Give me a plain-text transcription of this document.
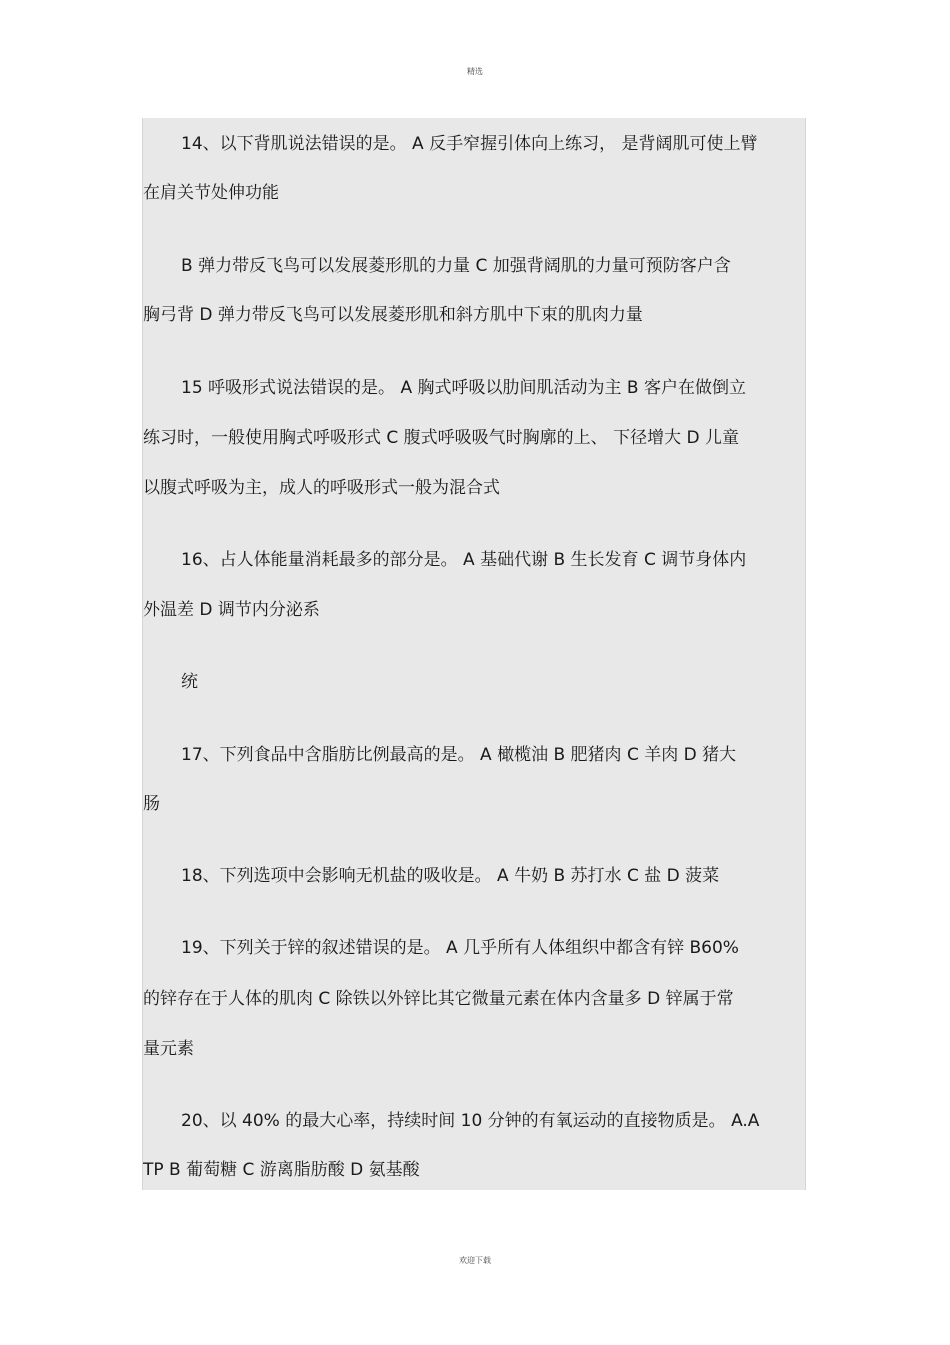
精选
14、以下背肌说法错误的是。 A 反手窄握引体向上练习， 是背阔肌可使上臂
在肩关节处伸功能
B 弹力带反飞鸟可以发展菱形肌的力量 C 加强背阔肌的力量可预防客户含
胸弓背 D 弹力带反飞鸟可以发展菱形肌和斜方肌中下束的肌肉力量
15 呼吸形式说法错误的是。 A 胸式呼吸以肋间肌活动为主 B 客户在做倒立
练习时，一般使用胸式呼吸形式 C 腹式呼吸吸气时胸廓的上、 下径增大 D 儿童
以腹式呼吸为主，成人的呼吸形式一般为混合式
16、占人体能量消耗最多的部分是。 A 基础代谢 B 生长发育 C 调节身体内
外温差 D 调节内分泌系
统
17、下列食品中含脂肪比例最高的是。 A 橄榄油 B 肥猪肉 C 羊肉 D 猪大
肠
18、下列选项中会影响无机盐的吸收是。 A 牛奶 B 苏打水 C 盐 D 菠菜
19、下列关于锌的叙述错误的是。 A 几乎所有人体组织中都含有锌 B60%
的锌存在于人体的肌肉 C 除铁以外锌比其它微量元素在体内含量多 D 锌属于常
量元素
20、以 40% 的最大心率，持续时间 10 分钟的有氧运动的直接物质是。 A.A
TP B 葡萄糖 C 游离脂肪酸 D 氨基酸
欢迎下载
